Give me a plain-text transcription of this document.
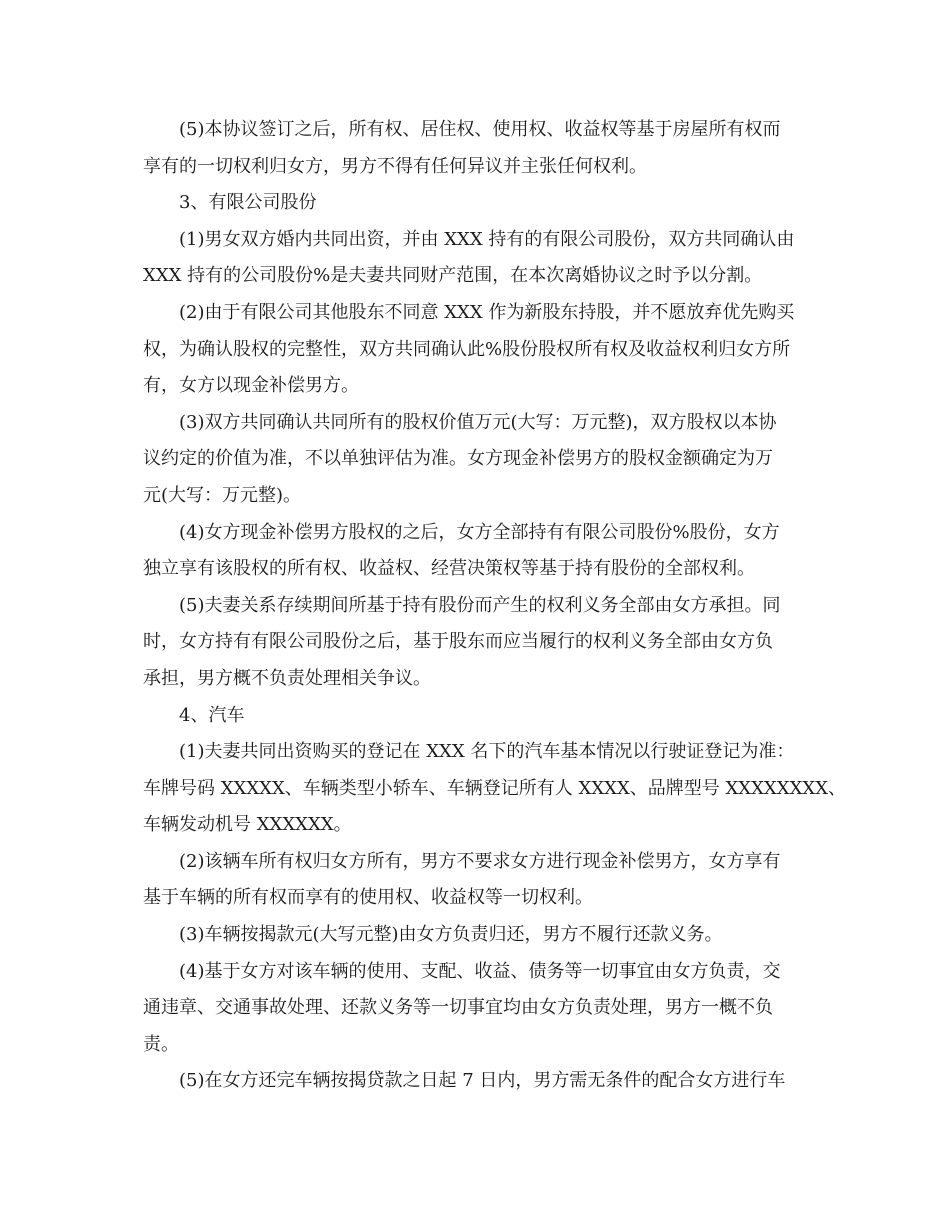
(5)本协议签订之后，所有权、居住权、使用权、收益权等基于房屋所有权而
享有的一切权利归女方，男方不得有任何异议并主张任何权利。
3、有限公司股份
(1)男女双方婚内共同出资，并由 XXX 持有的有限公司股份，双方共同确认由
XXX 持有的公司股份%是夫妻共同财产范围，在本次离婚协议之时予以分割。
(2)由于有限公司其他股东不同意 XXX 作为新股东持股，并不愿放弃优先购买
权，为确认股权的完整性，双方共同确认此%股份股权所有权及收益权利归女方所
有，女方以现金补偿男方。
(3)双方共同确认共同所有的股权价值万元(大写：万元整)，双方股权以本协
议约定的价值为准，不以单独评估为准。女方现金补偿男方的股权金额确定为万
元(大写：万元整)。
(4)女方现金补偿男方股权的之后，女方全部持有有限公司股份%股份，女方
独立享有该股权的所有权、收益权、经营决策权等基于持有股份的全部权利。
(5)夫妻关系存续期间所基于持有股份而产生的权利义务全部由女方承担。同
时，女方持有有限公司股份之后，基于股东而应当履行的权利义务全部由女方负
承担，男方概不负责处理相关争议。
4、汽车
(1)夫妻共同出资购买的登记在 XXX 名下的汽车基本情况以行驶证登记为准：
车牌号码 XXXXX、车辆类型小轿车、车辆登记所有人 XXXX、品牌型号 XXXXXXXX、
车辆发动机号 XXXXXX。
(2)该辆车所有权归女方所有，男方不要求女方进行现金补偿男方，女方享有
基于车辆的所有权而享有的使用权、收益权等一切权利。
(3)车辆按揭款元(大写元整)由女方负责归还，男方不履行还款义务。
(4)基于女方对该车辆的使用、支配、收益、债务等一切事宜由女方负责，交
通违章、交通事故处理、还款义务等一切事宜均由女方负责处理，男方一概不负
责。
(5)在女方还完车辆按揭贷款之日起 7 日内，男方需无条件的配合女方进行车
